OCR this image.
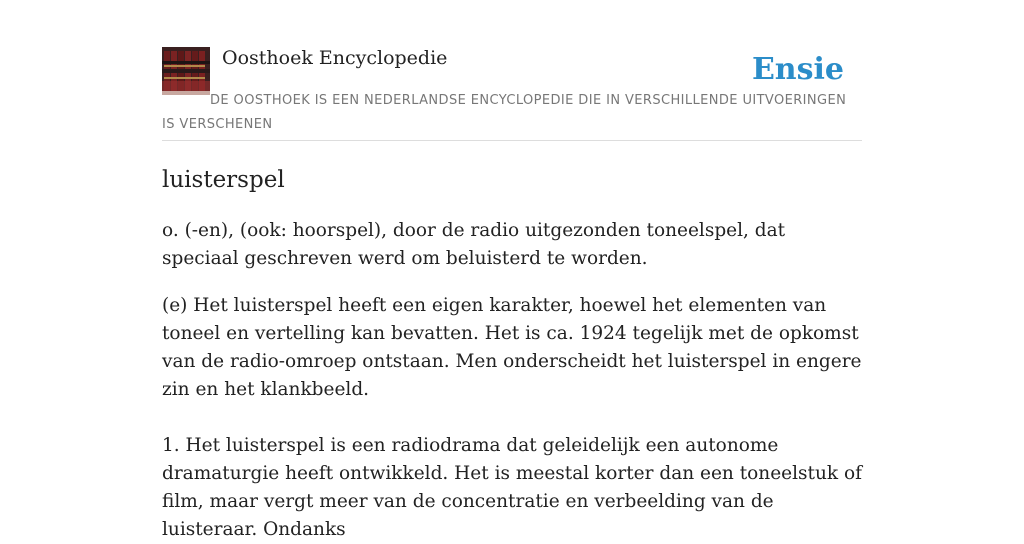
Oosthoek Encyclopedie	Ensie
DE OOSTHOEK IS EEN NEDERLANDSE ENCYCLOPEDIE DIE IN VERSCHILLENDE UITVOERINGEN IS VERSCHENEN
luisterspel

o. (-en), (ook: hoorspel), door de radio uitgezonden toneelspel, dat speciaal geschreven werd om beluisterd te worden.

(e) Het luisterspel heeft een eigen karakter, hoewel het elementen van toneel en vertelling kan bevatten. Het is ca. 1924 tegelijk met de opkomst van de radio-omroep ontstaan. Men onderscheidt het luisterspel in engere zin en het klankbeeld.

1. Het luisterspel is een radiodrama dat geleidelijk een autonome dramaturgie heeft ontwikkeld. Het is meestal korter dan een toneelstuk of film, maar vergt meer van de concentratie en verbeelding van de luisteraar. Ondanks
